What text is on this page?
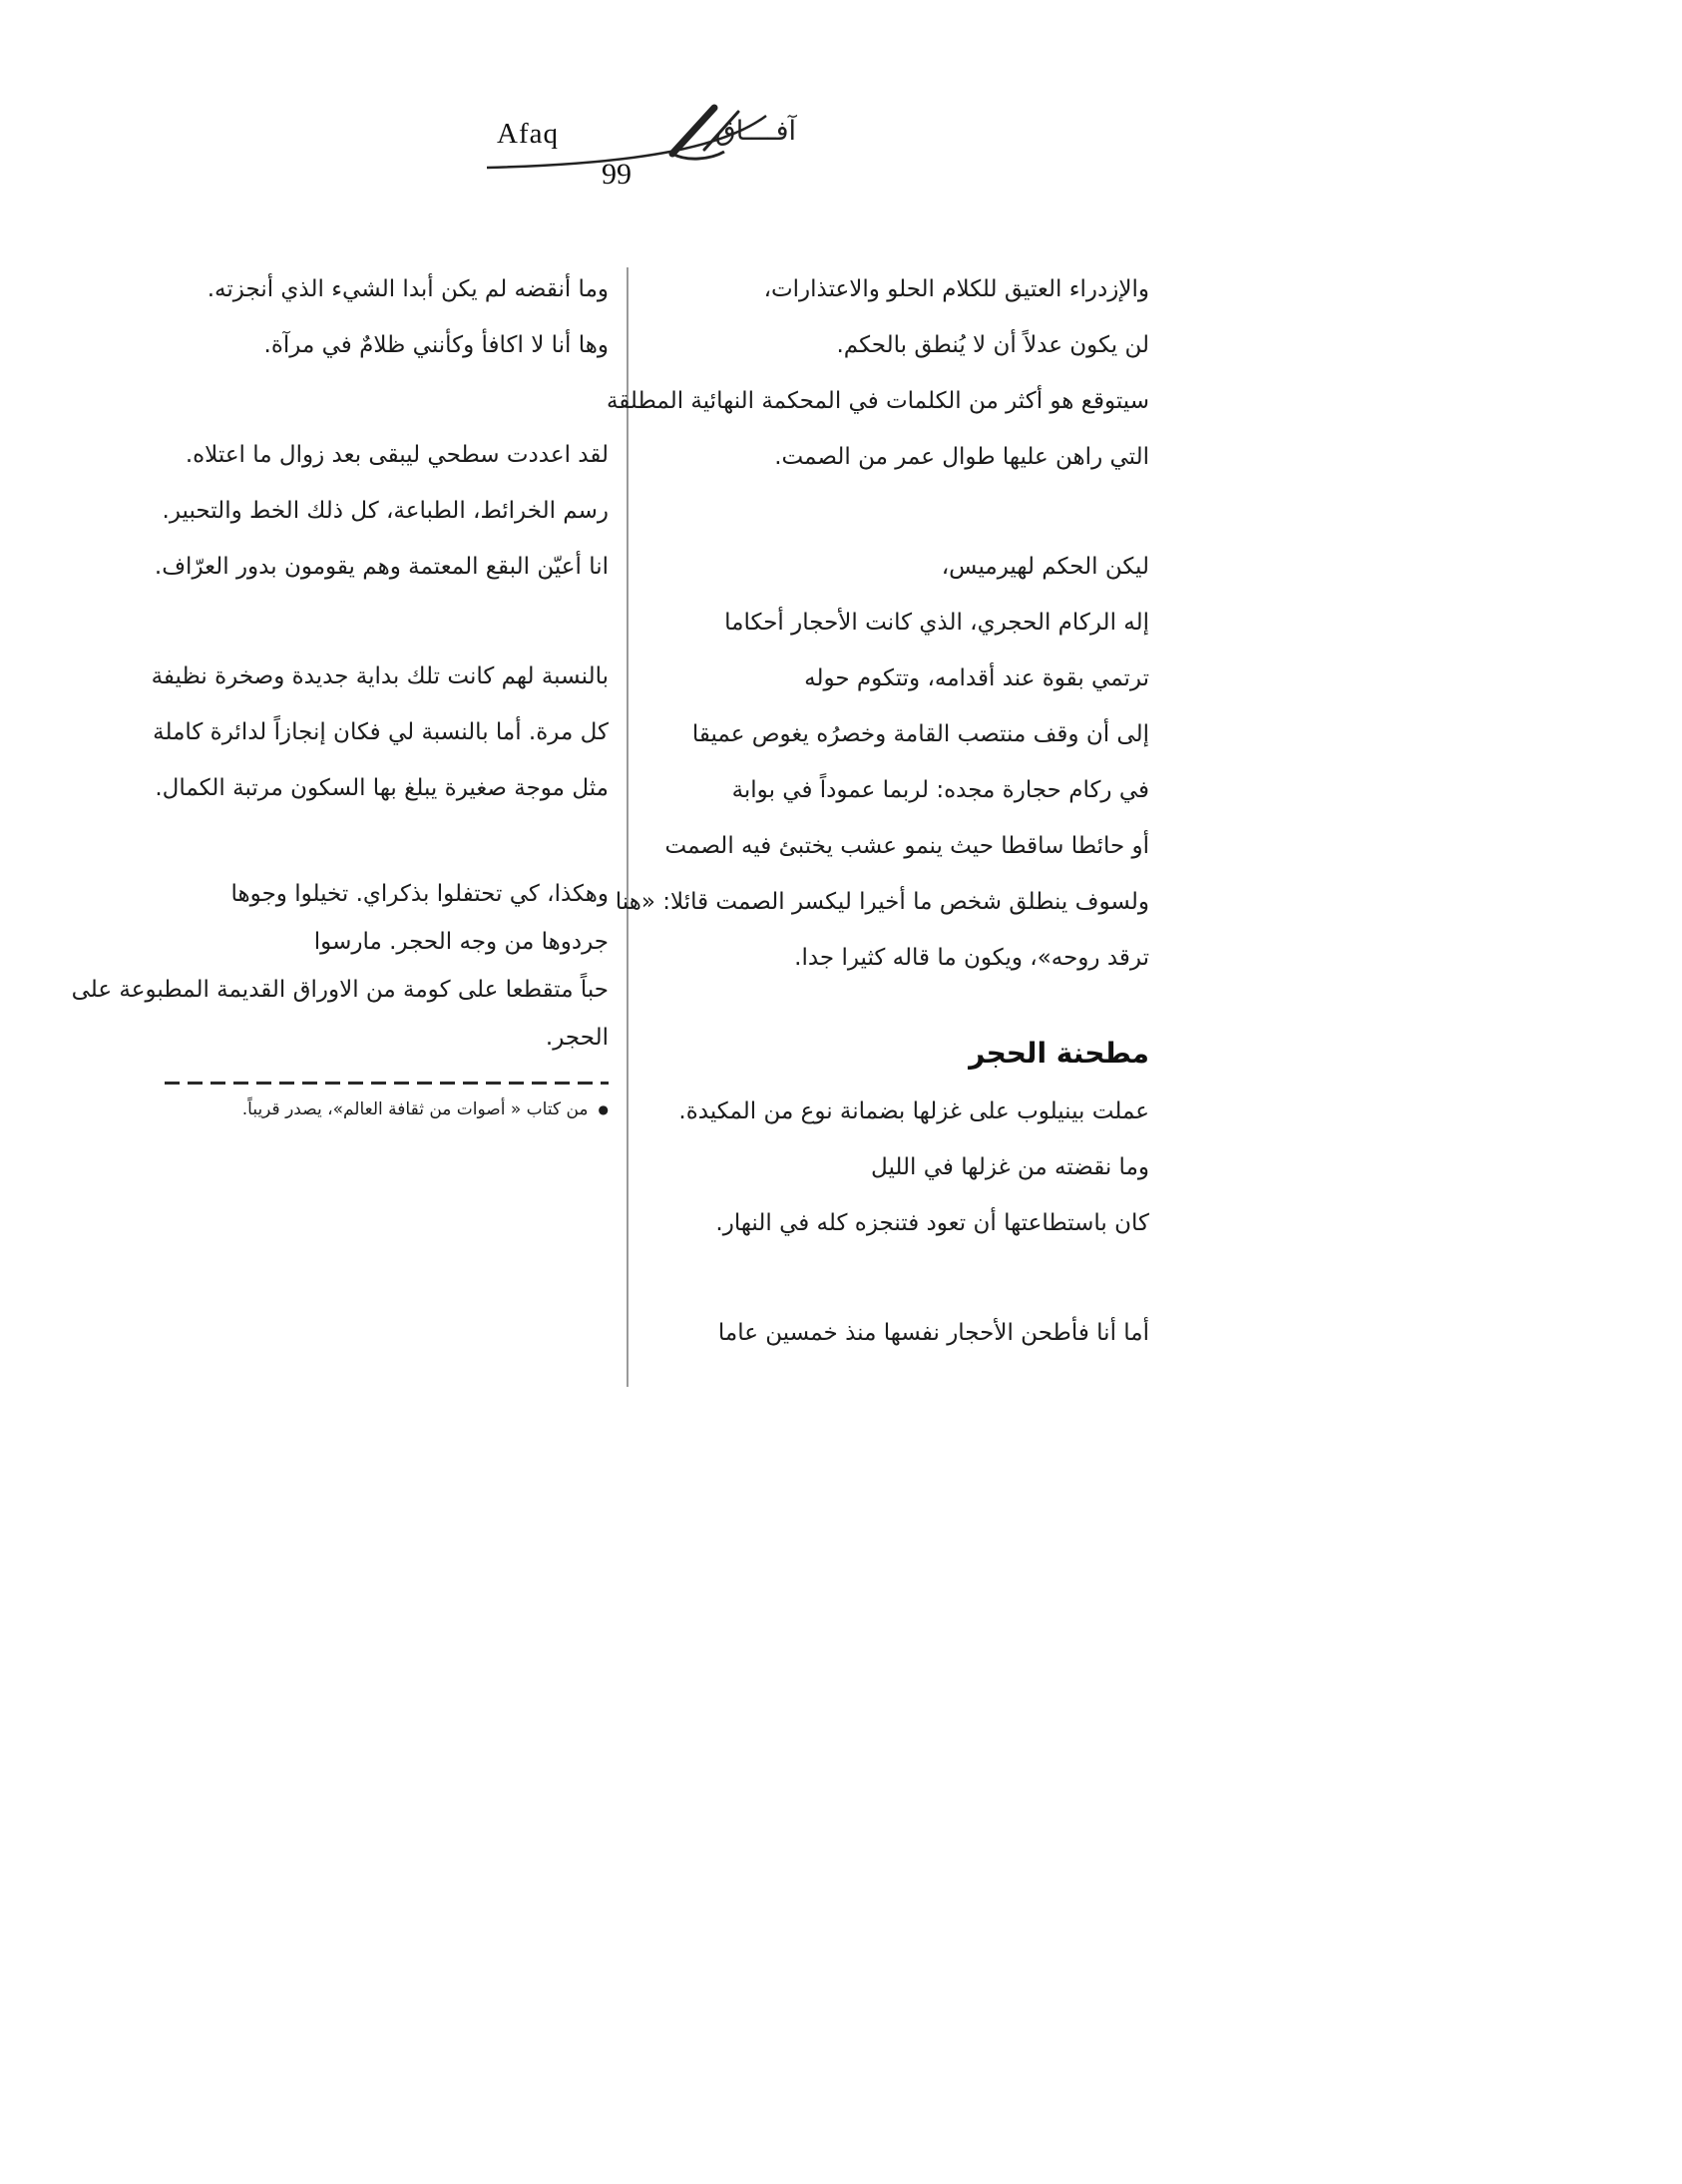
Afaq	آفــــاق
99

والإزدراء العتيق للكلام الحلو والاعتذارات،

لن يكون عدلاً أن لا يُنطق بالحكم.

سيتوقع هو أكثر من الكلمات في المحكمة النهائية المطلقة

التي راهن عليها طوال عمر من الصمت.

ليكن الحكم لهيرميس،

إله الركام الحجري، الذي كانت الأحجار أحكاما

ترتمي بقوة عند أقدامه، وتتكوم حوله

إلى أن وقف منتصب القامة وخصرُه يغوص عميقا

في ركام حجارة مجده: لربما عموداً في بوابة

أو حائطا ساقطا حيث ينمو عشب يختبئ فيه الصمت

ولسوف ينطلق شخص ما أخيرا ليكسر الصمت قائلا: «هنا

ترقد روحه»، ويكون ما قاله كثيرا جدا.

مطحنة الحجر

عملت بينيلوب على غزلها بضمانة نوع من المكيدة.

وما نقضته من غزلها في الليل

كان باستطاعتها أن تعود فتنجزه كله في النهار.

أما أنا فأطحن الأحجار نفسها منذ خمسين عاما

وما أنقضه لم يكن أبدا الشيء الذي أنجزته.

وها أنا لا اكافأ وكأنني ظلامٌ في مرآة.

لقد اعددت سطحي ليبقى بعد زوال ما اعتلاه.

رسم الخرائط، الطباعة، كل ذلك الخط والتحبير.

انا أعيّن البقع المعتمة وهم يقومون بدور العرّاف.

بالنسبة لهم كانت تلك بداية جديدة وصخرة نظيفة

كل مرة. أما بالنسبة لي فكان إنجازاً لدائرة كاملة

مثل موجة صغيرة يبلغ بها السكون مرتبة الكمال.

وهكذا، كي تحتفلوا بذكراي. تخيلوا وجوها

جردوها من وجه الحجر. مارسوا

حباً متقطعا على كومة من الاوراق القديمة المطبوعة على

الحجر.

●من كتاب « أصوات من ثقافة العالم»، يصدر قريباً.
